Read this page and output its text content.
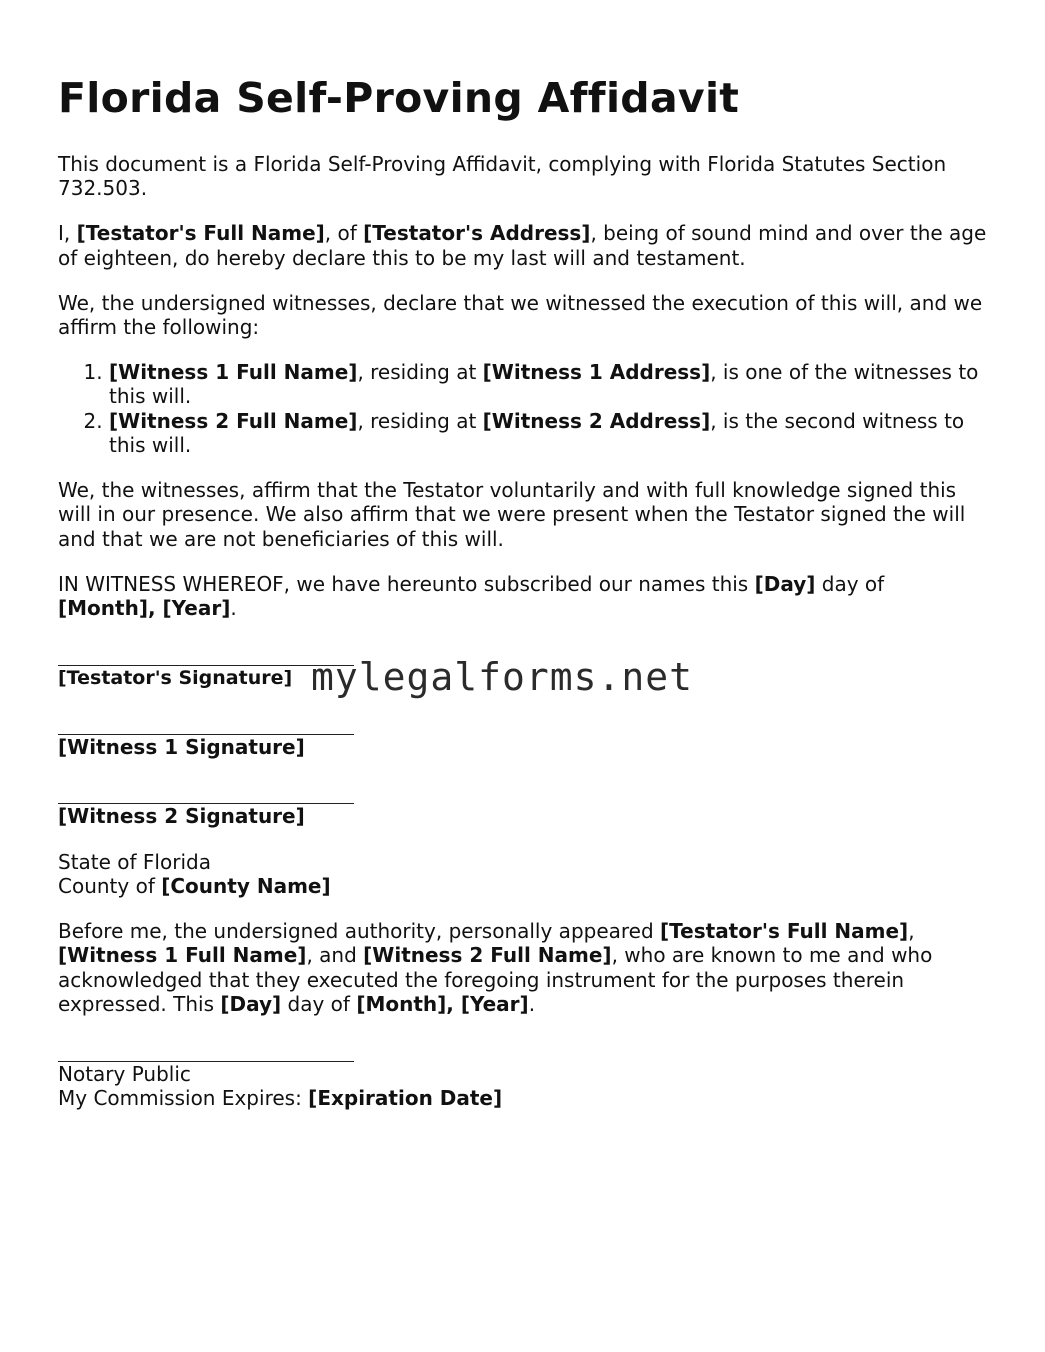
Florida Self-Proving Affidavit

This document is a Florida Self-Proving Affidavit, complying with Florida Statutes Section 732.503.

I, [Testator's Full Name], of [Testator's Address], being of sound mind and over the age of eighteen, do hereby declare this to be my last will and testament.

We, the undersigned witnesses, declare that we witnessed the execution of this will, and we affirm the following:

1. [Witness 1 Full Name], residing at [Witness 1 Address], is one of the witnesses to this will.
2. [Witness 2 Full Name], residing at [Witness 2 Address], is the second witness to this will.

We, the witnesses, affirm that the Testator voluntarily and with full knowledge signed this will in our presence. We also affirm that we were present when the Testator signed the will and that we are not beneficiaries of this will.

IN WITNESS WHEREOF, we have hereunto subscribed our names this [Day] day of [Month], [Year].

[Testator's Signature]
[Witness 1 Signature]
[Witness 2 Signature]

State of Florida
County of [County Name]

Before me, the undersigned authority, personally appeared [Testator's Full Name], [Witness 1 Full Name], and [Witness 2 Full Name], who are known to me and who acknowledged that they executed the foregoing instrument for the purposes therein expressed. This [Day] day of [Month], [Year].

Notary Public
My Commission Expires: [Expiration Date]
mylegalforms.net
